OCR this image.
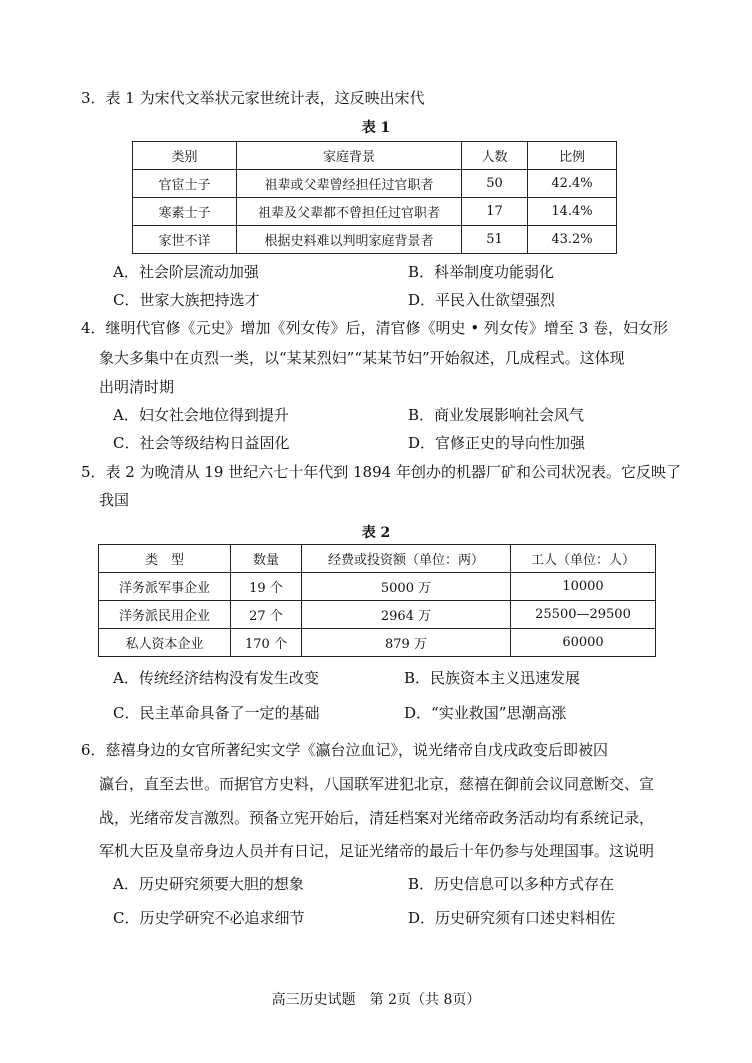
3．表 1 为宋代文举状元家世统计表，这反映出宋代
表 1
类别	家庭背景	人数	比例
官宦士子	祖辈或父辈曾经担任过官职者	50	42.4%
寒素士子	祖辈及父辈都不曾担任过官职者	17	14.4%
家世不详	根据史料难以判明家庭背景者	51	43.2%
A．社会阶层流动加强	B．科举制度功能弱化
C．世家大族把持选才	D．平民入仕欲望强烈
4．继明代官修《元史》增加《列女传》后，清官修《明史 • 列女传》增至 3 卷，妇女形
象大多集中在贞烈一类，以“某某烈妇”“某某节妇”开始叙述，几成程式。这体现
出明清时期
A．妇女社会地位得到提升	B．商业发展影响社会风气
C．社会等级结构日益固化	D．官修正史的导向性加强
5．表 2 为晚清从 19 世纪六七十年代到 1894 年创办的机器厂矿和公司状况表。它反映了
我国
表 2
类　型	数量	经费或投资额（单位：两）	工人（单位：人）
洋务派军事企业	19 个	5000 万	10000
洋务派民用企业	27 个	2964 万	25500—29500
私人资本企业	170 个	879 万	60000
A．传统经济结构没有发生改变	B．民族资本主义迅速发展
C．民主革命具备了一定的基础	D．“实业救国”思潮高涨
6．慈禧身边的女官所著纪实文学《瀛台泣血记》，说光绪帝自戊戌政变后即被囚
瀛台，直至去世。而据官方史料，八国联军进犯北京，慈禧在御前会议同意断交、宣
战，光绪帝发言激烈。预备立宪开始后，清廷档案对光绪帝政务活动均有系统记录，
军机大臣及皇帝身边人员并有日记，足证光绪帝的最后十年仍参与处理国事。这说明
A．历史研究须要大胆的想象	B．历史信息可以多种方式存在
C．历史学研究不必追求细节	D．历史研究须有口述史料相佐
高三历史试题　第 2页（共 8页）
